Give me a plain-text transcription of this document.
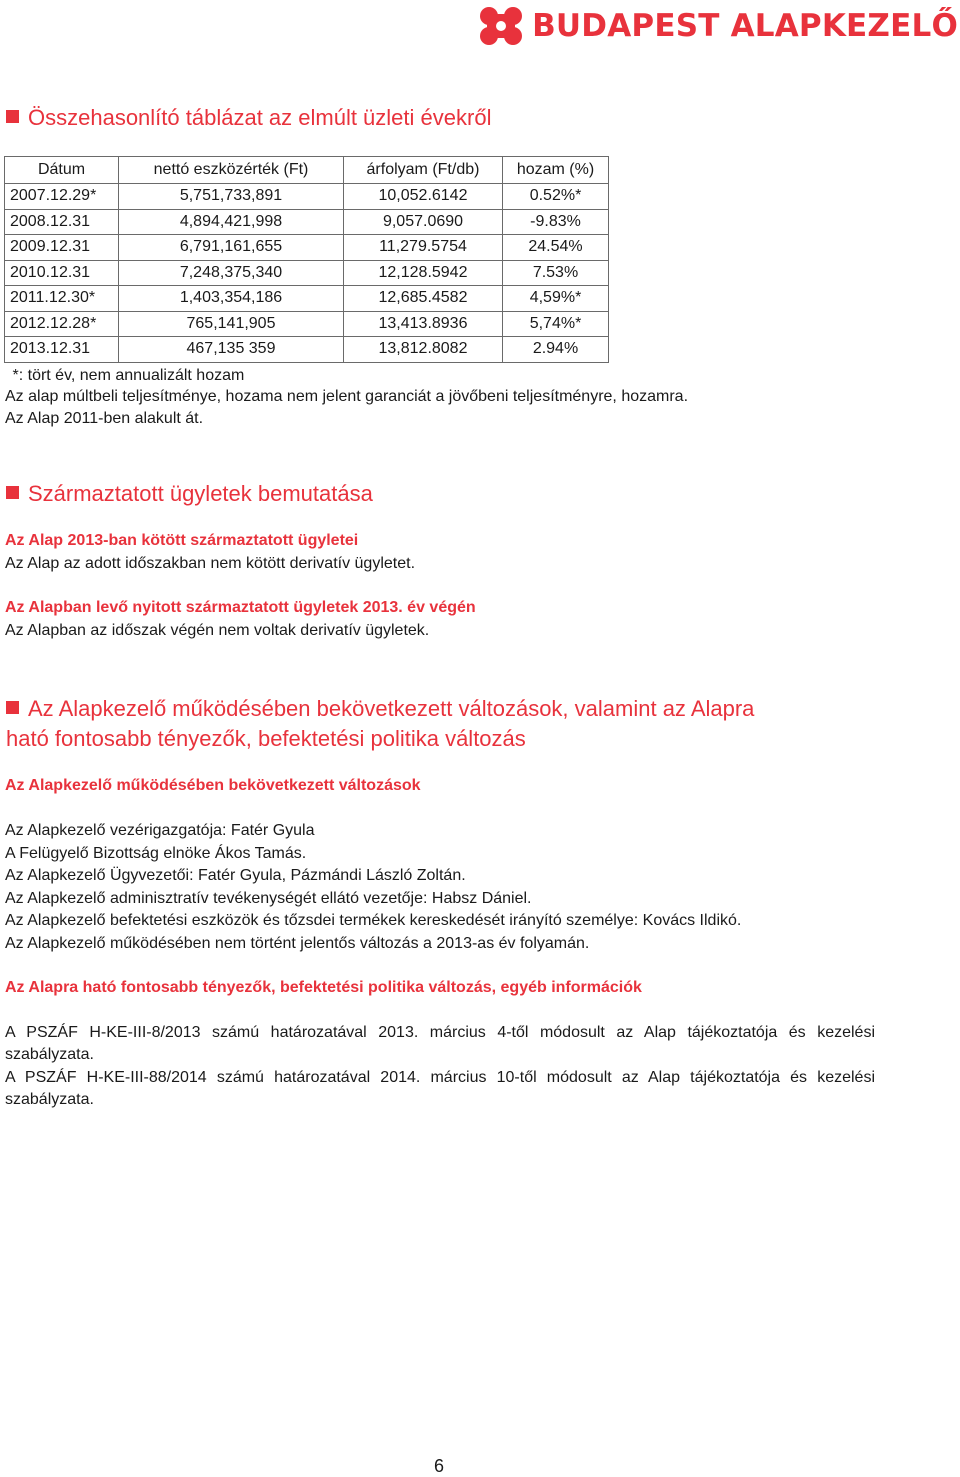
BUDAPEST ALAPKEZELŐ
Összehasonlító táblázat az elmúlt üzleti évekről
Dátum	nettó eszközérték (Ft)	árfolyam (Ft/db)	hozam (%)
2007.12.29*	5,751,733,891	10,052.6142	0.52%*
2008.12.31	4,894,421,998	9,057.0690	-9.83%
2009.12.31	6,791,161,655	11,279.5754	24.54%
2010.12.31	7,248,375,340	12,128.5942	7.53%
2011.12.30*	1,403,354,186	12,685.4582	4,59%*
2012.12.28*	765,141,905	13,413.8936	5,74%*
2013.12.31	467,135 359	13,812.8082	2.94%
*: tört év, nem annualizált hozam			

Az alap múltbeli teljesítménye, hozama nem jelent garanciát a jövőbeni teljesítményre, hozamra.

Az Alap 2011-ben alakult át.

Származtatott ügyletek bemutatása

Az Alap 2013-ban kötött származtatott ügyletei

Az Alap az adott időszakban nem kötött derivatív ügyletet.

Az Alapban levő nyitott származtatott ügyletek 2013. év végén

Az Alapban az időszak végén nem voltak derivatív ügyletek.

Az Alapkezelő működésében bekövetkezett változások, valamint az Alapra
ható fontosabb tényezők, befektetési politika változás

Az Alapkezelő működésében bekövetkezett változások

Az Alapkezelő vezérigazgatója: Fatér Gyula

A Felügyelő Bizottság elnöke Ákos Tamás.

Az Alapkezelő Ügyvezetői: Fatér Gyula, Pázmándi László Zoltán.

Az Alapkezelő adminisztratív tevékenységét ellátó vezetője: Habsz Dániel.

Az Alapkezelő befektetési eszközök és tőzsdei termékek kereskedését irányító személye: Kovács Ildikó.

Az Alapkezelő működésében nem történt jelentős változás a 2013-as év folyamán.

Az Alapra ható fontosabb tényezők, befektetési politika változás, egyéb információk

A PSZÁF H-KE-III-8/2013 számú határozatával 2013. március 4-től módosult az Alap tájékoztatója és kezelési szabályzata.

A PSZÁF H-KE-III-88/2014 számú határozatával 2014. március 10-től módosult az Alap tájékoztatója és kezelési szabályzata.

6
